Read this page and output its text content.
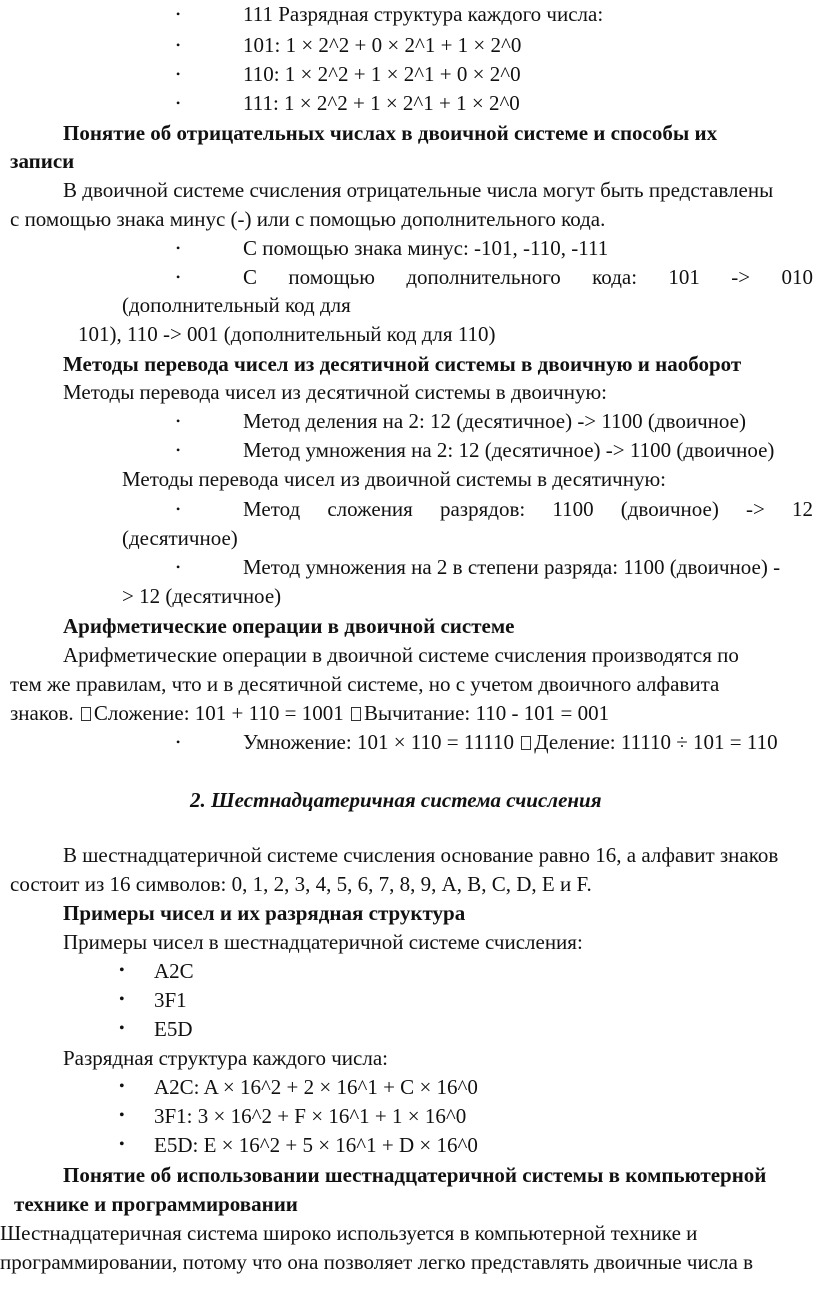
•	111 Разрядная структура каждого числа:
•	101: 1 × 2^2 + 0 × 2^1 + 1 × 2^0
•	110: 1 × 2^2 + 1 × 2^1 + 0 × 2^0
•	111: 1 × 2^2 + 1 × 2^1 + 1 × 2^0
Понятие об отрицательных числах в двоичной системе и способы их
записи
В двоичной системе счисления отрицательные числа могут быть представлены
с помощью знака минус (-) или с помощью дополнительного кода.
•	С помощью знака минус: -101, -110, -111
•	С помощью дополнительного кода: 101 -> 010
(дополнительный код для
101), 110 -> 001 (дополнительный код для 110)
Методы перевода чисел из десятичной системы в двоичную и наоборот
Методы перевода чисел из десятичной системы в двоичную:
•	Метод деления на 2: 12 (десятичное) -> 1100 (двоичное)
•	Метод умножения на 2: 12 (десятичное) -> 1100 (двоичное)
Методы перевода чисел из двоичной системы в десятичную:
•	Метод сложения разрядов: 1100 (двоичное) -> 12
(десятичное)
•	Метод умножения на 2 в степени разряда: 1100 (двоичное) -
> 12 (десятичное)
Арифметические операции в двоичной системе
Арифметические операции в двоичной системе счисления производятся по
тем же правилам, что и в десятичной системе, но с учетом двоичного алфавита
знаков. Сложение: 101 + 110 = 1001 Вычитание: 110 - 101 = 001
•	Умножение: 101 × 110 = 11110 Деление: 11110 ÷ 101 = 110
2. Шестнадцатеричная система счисления
В шестнадцатеричной системе счисления основание равно 16, а алфавит знаков
состоит из 16 символов: 0, 1, 2, 3, 4, 5, 6, 7, 8, 9, A, B, C, D, E и F.
Примеры чисел и их разрядная структура
Примеры чисел в шестнадцатеричной системе счисления:
• A2C
• 3F1
• E5D
Разрядная структура каждого числа:
• A2C: A × 16^2 + 2 × 16^1 + C × 16^0
• 3F1: 3 × 16^2 + F × 16^1 + 1 × 16^0
• E5D: E × 16^2 + 5 × 16^1 + D × 16^0
Понятие об использовании шестнадцатеричной системы в компьютерной
технике и программировании
Шестнадцатеричная система широко используется в компьютерной технике и
программировании, потому что она позволяет легко представлять двоичные числа в
